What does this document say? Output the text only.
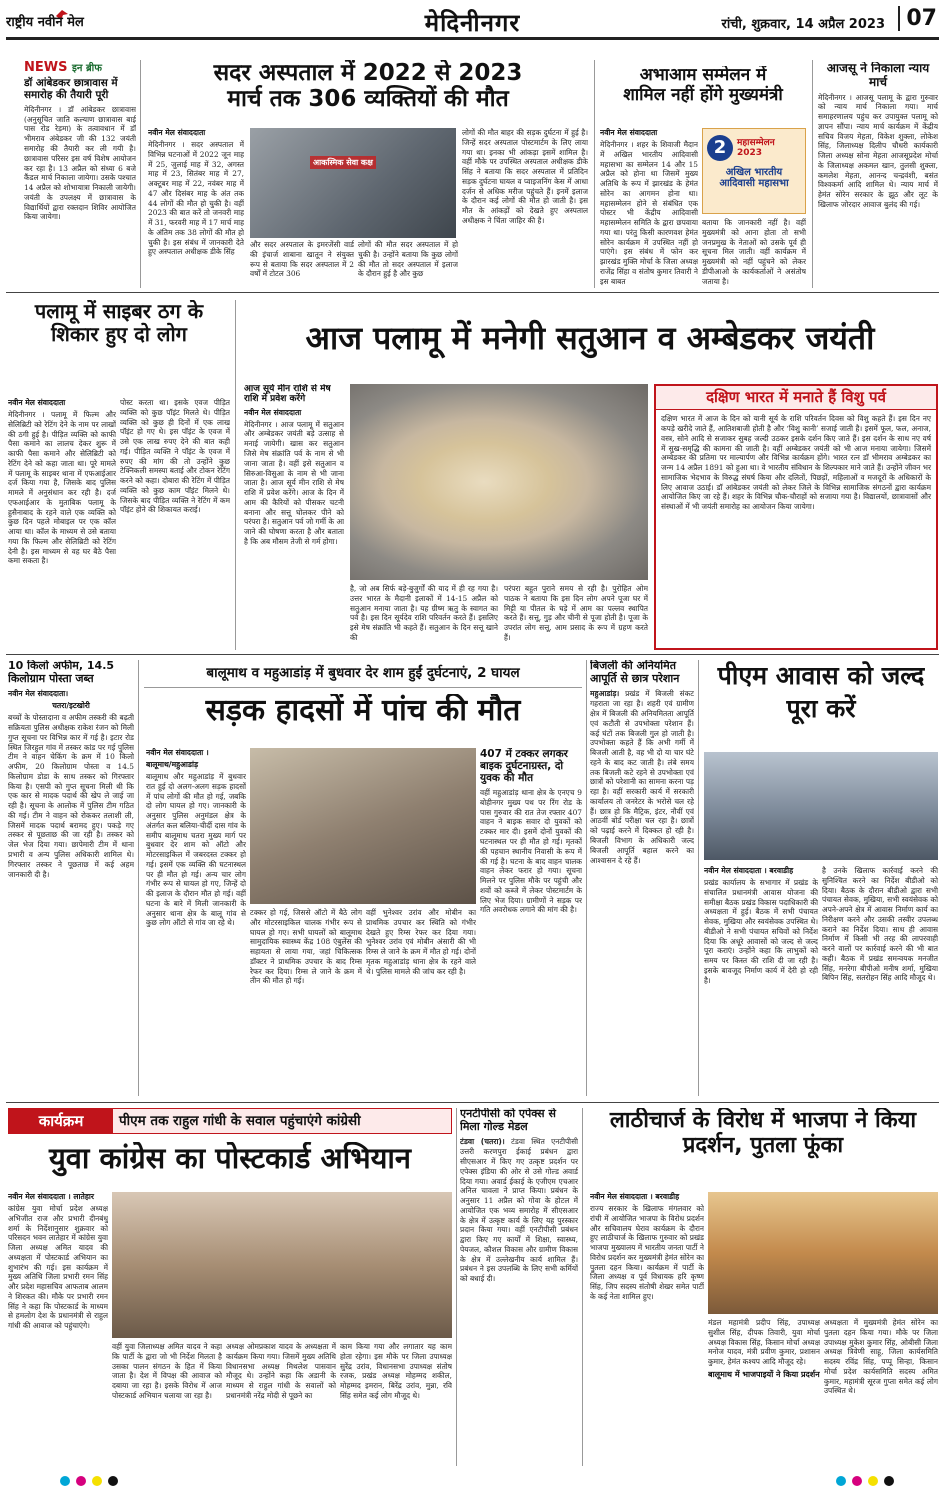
राष्ट्रीय नवीन मेल	मेदिनीनगर	रांची, शुक्रवार, 14 अप्रैल 2023 07
NEWS इन ब्रीफ
डॉ आंबेडकर छात्रावास में समारोह की तैयारी पूरी
मेदिनीनगर । डॉ आंबेडकर छात्रावास (अनुसूचित जाति कल्याण छात्रावास बाई पास रोड रेड़मा) के तत्वावधान में डॉ भीमराव अंबेडकर जी की 132 जयंती समारोह की तैयारी कर ली गयी है। छात्रावास परिसर इस वर्ष विशेष आयोजन कर रहा है। 13 अप्रैल को संध्या 6 बजे कैंडल मार्च निकाला जायेगा। उसके पश्चात 14 अप्रैल को शोभायात्रा निकाली जायेगी। जयंती के उपलक्ष्य में छात्रावास के विद्यार्थियों द्वारा रक्तदान शिविर आयोजित किया जायेगा।
सदर अस्पताल में 2022 से 2023
मार्च तक 306 व्यक्तियों की मौत
नवीन मेल संवाददाता
मेदिनीनगर । सदर अस्पताल में विभिन्न घटनाओं में 2022 जून माह में 25, जुलाई माह में 32, अगस्त माह में 23, सितंबर माह में 27, अक्टूबर माह में 22, नवंबर माह में 47 और दिसंबर माह के अंत तक 44 लोगों की मौत हो चुकी है। वहीं 2023 की बात करें तो जनवरी माह में 31, फरवरी माह में 17 मार्च माह के अंतिम तक 38 लोगों की मौत हो चुकी है। इस संबंध में जानकारी देते हुए अस्पताल अधीक्षक डीके सिंह
आकस्मिक सेवा कक्ष
और सदर अस्पताल के इमरजेंसी वार्ड की इंचार्ज शाबाना खातून ने संयुक्त रूप से बताया कि सदर अस्पताल में 2 वर्षों में टोटल 306
लोगों की मौत सदर अस्पताल में हो चुकी है। उन्होंने बताया कि कुछ लोगों की मौत तो सदर अस्पताल में इलाज के दौरान हुई है और कुछ
लोगों की मौत बाहर की सड़क दुर्घटना में हुई है। जिन्हें सदर अस्पताल पोस्टमार्टम के लिए लाया गया था। इनका भी आंकड़ा इसमें शामिल है। वहीं मौके पर उपस्थित अस्पताल अधीक्षक डीके सिंह ने बताया कि सदर अस्पताल में प्रतिदिन सड़क दुर्घटना घायल व प्वाइजनिंग केस में आधा दर्जन से अधिक मरीज पहुंचते हैं। इनमें इलाज के दौरान कई लोगों की मौत हो जाती है। इस मौत के आंकड़ों को देखते हुए अस्पताल अधीक्षक ने चिंता जाहिर की है।
अभाआम सम्मेलन में
शामिल नहीं होंगे मुख्यमंत्री
नवीन मेल संवाददाता
मेदिनीनगर । शहर के शिवाजी मैदान में अखिल भारतीय आदिवासी महासभा का सम्मेलन 14 और 15 अप्रैल को होना था जिसमें मुख्य अतिथि के रूप में झारखंड के हेमंत सोरेन का आगमन होना था। महासम्मेलन होने से संबंधित एक पोस्टर भी केंद्रीय आदिवासी महासम्मेलन समिति के द्वारा छपवाया गया था। परंतु किसी कारणवश हेमंत सोरेन कार्यक्रम में उपस्थित नहीं हो पाएंगे। इस संबंध में फोन कर झारखंड मुक्ति मोर्चा के जिला अध्यक्ष राजेंद्र सिंहा व संतोष कुमार तिवारी ने इस बाबत
2	महासम्मेलन 2023
अखिल भारतीय आदिवासी महासभा
बताया कि जानकारी नहीं है। वहीं मुख्यमंत्री को आना होता तो सभी जनप्रमुख के नेताओं को उसके पूर्व ही सूचना मिल जाती। वहीं कार्यक्रम में मुख्यमंत्री को नहीं पहुंचने को लेकर डीपीआओ के कार्यकर्ताओं ने असंतोष जताया है।
आजसू ने निकाला न्याय मार्च
मेदिनीनगर । आजसू पलामू के द्वारा गुरुवार को न्याय मार्च निकाला गया। मार्च समाहरणालय पहुंच कर उपायुक्त पलामू को ज्ञापन सौंपा। न्याय मार्च कार्यक्रम में केंद्रीय सचिव विजय मेहता, विकेश शुक्ला, लोकेश सिंह, जिलाध्यक्ष दिलीप चौधरी कार्यकारी जिला अध्यक्ष सोना मेहता आजसूप्रदेश मोर्चा के जिलाध्यक्ष अकमल खान, तुलसी शुक्ला, कमलेश मेहता, आनन्द चन्द्रवंशी, बसंत विश्वकर्मा आदि शामिल थे। न्याय मार्च में हेमंत सोरेन सरकार के झूठ और लूट के खिलाफ जोरदार आवाज बुलंद की गई।
पलामू में साइबर ठग के शिकार हुए दो लोग
नवीन मेल संवाददाता
मेदिनीनगर । पलामू में फिल्म और सेलिब्रिटी को रेटिंग देने के नाम पर लाखों की ठगी हुई है। पीड़ित व्यक्ति को काफी पैसा कमाने का लालच देकर शुरू में काफी पैसा कमाने और सेलिब्रिटी को रेटिंग देने को कहा जाता था। पूरे मामले में पलामू के साइबर थाना में एफआईआर दर्ज किया गया है, जिसके बाद पुलिस मामले में अनुसंधान कर रही है। दर्ज एफआईआर के मुताबिक पलामू के हुसैनाबाद के रहने वाले एक व्यक्ति को कुछ दिन पहले मोबाइल पर एक कॉल आया था। कॉल के माध्यम से उसे बताया गया कि फिल्म और सेलिब्रिटी को रेटिंग देनी है। इस माध्यम से वह घर बैठे पैसा कमा सकता है।
पोस्ट करता था। इसके एवज पीड़ित व्यक्ति को कुछ पॉइंट मिलते थे। पीड़ित व्यक्ति को कुछ ही दिनों में एक लाख पॉइंट हो गए थे। इस पॉइंट के एवज में उसे एक लाख रुपए देने की बात कही गई। पीड़ित व्यक्ति ने पॉइंट के एवज में रुपए की मांग की तो उन्होंने कुछ टेक्निकली समस्या बताई और टोकन रेटिंग करने को कहा। दोबारा की रेटिंग में पीड़ित व्यक्ति को कुछ काम पॉइंट मिलने थे। जिसके बाद पीड़ित व्यक्ति ने रेटिंग में कम पॉइंट होने की शिकायत कराई।
आज पलामू में मनेगी सतुआन व अम्बेडकर जयंती
आज सूर्य मीन राशि से मेष राशि में प्रवेश करेंगे
नवीन मेल संवाददाता
मेदिनीनगर । आज पलामू में सतुआन और अम्बेडकर जयंती बड़े उत्साह से मनाई जायेगी। खास कर सतुआन जिसे मेष संक्रांति पर्व के नाम से भी जाना जाता है। वहीं इसे सतुआन व सिरुआ-विसुआ के नाम से भी जाना जाता है। आज सूर्य मीन राशि से मेष राशि में प्रवेश करेंगे। आज के दिन में आम की कैरियों को पीसकर चटनी बनाना और सत्तू घोलकर पीने को परंपरा है। सतुआन पर्व जो गर्मी के आ जाने की घोषणा करता है और बताता है कि अब मौसम तेजी से गर्म होगा।
है, जो अब सिर्फ बड़े-बुजुर्गों की याद में ही रह गया है। उत्तर भारत के मैदानी इलाकों में 14-15 अप्रैल को सतुआन मनाया जाता है। यह ग्रीष्म ऋतु के स्वागत का पर्व है। इस दिन सूर्यदेव राशि परिवर्तन करते हैं। इसलिए इसे मेष संक्रांति भी कहते हैं। सतुआन के दिन सत्तू खाने की
परंपरा बहुत पुराने समय से रही है। पुरोहित ओम पाठक ने बताया कि इस दिन लोग अपने पूजा घर में मिट्टी या पीतल के घड़े में आम का पल्लव स्थापित करते हैं। सत्तू, गुड़ और चीनी से पूजा होती है। पूजा के उपरांत लोग सत्तू, आम प्रसाद के रूप में ग्रहण करते हैं।
दक्षिण भारत में मनाते हैं विशु पर्व
दक्षिण भारत में आज के दिन को यानी सूर्य के राशि परिवर्तन दिवस को विशु कहते हैं। इस दिन नए कपड़े खरीदे जाते हैं, आतिशबाजी होती है और ‘विशु कानी’ सजाई जाती है। इसमें फूल, फल, अनाज, वस्त्र, सोने आदि से सजाकर सुबह जल्दी उठकर इसके दर्शन किए जाते हैं। इस दर्शन के साथ नए वर्ष में सुख-समृद्धि की कामना की जाती है। वहीं अम्बेडकर जयंती को भी आज मनाया जायेगा। जिसमें अम्बेडकर की प्रतिमा पर माल्यार्पण और विभिन्न कार्यक्रम होंगे। भारत रत्न डॉ भीमराव अम्बेडकर का जन्म 14 अप्रैल 1891 को हुआ था। वे भारतीय संविधान के शिल्पकार माने जाते हैं। उन्होंने जीवन भर सामाजिक भेदभाव के विरुद्ध संघर्ष किया और दलितों, पिछड़ों, महिलाओं व मजदूरों के अधिकारों के लिए आवाज उठाई। डॉ आंबेडकर जयंती को लेकर जिले के विभिन्न सामाजिक संगठनों द्वारा कार्यक्रम आयोजित किए जा रहे हैं। शहर के विभिन्न चौक-चौराहों को सजाया गया है। विद्यालयों, छात्रावासों और संस्थाओं में भी जयंती समारोह का आयोजन किया जायेगा।
10 किलो अफीम, 14.5 किलोग्राम पोस्ता जब्त
नवीन मेल संवाददाता।
चतरा/इटखोरी
बच्चों के पोस्तादाना व अफीम तस्करी की बढ़ती सक्रियता पुलिस अधीक्षक राकेश रंजन को मिली गुप्त सूचना पर विभिन्न कार में गई है। इटार रोड स्थित जिरहुल गांव में तस्कर कांड पर गई पुलिस टीम ने वाहन चेकिंग के क्रम में 10 किलो अफीम, 20 किलोग्राम पोस्ता व 14.5 किलोग्राम डोडा के साथ तस्कर को गिरफ्तार किया है। एसपी को गुप्त सूचना मिली थी कि एक कार से मादक पदार्थ की खेप ले जाई जा रही है। सूचना के आलोक में पुलिस टीम गठित की गई। टीम ने वाहन को रोककर तलाशी ली, जिसमें मादक पदार्थ बरामद हुए। पकड़े गए तस्कर से पूछताछ की जा रही है। तस्कर को जेल भेज दिया गया। छापेमारी टीम में थाना प्रभारी व अन्य पुलिस अधिकारी शामिल थे। गिरफ्तार तस्कर ने पूछताछ में कई अहम जानकारी दी है।
बालूमाथ व महुआडांड़ में बुधवार देर शाम हुईं दुर्घटनाएं, 2 घायल
सड़क हादसों में पांच की मौत
नवीन मेल संवाददाता ।
बालूमाथ/महुआडांड़
बालूमाथ और महुआडांड़ में बुधवार रात हुई दो अलग-अलग सड़क हादसों में पांच लोगों की मौत हो गई, जबकि दो लोग घायल हो गए। जानकारी के अनुसार पुलिस अनुमंडल क्षेत्र के अंतर्गत कल बलिया-चीर्दी दास गांव के समीप बालूमाथ चतरा मुख्य मार्ग पर बुधवार देर शाम को ऑटो और मोटरसाइकिल में जबरदस्त टक्कर हो गई। इसमें एक व्यक्ति की घटनास्थल पर ही मौत हो गई। अन्य चार लोग गंभीर रूप से घायल हो गए, जिन्हें दो की इलाज के दौरान मौत हो गई। वहीं घटना के बारे में मिली जानकारी के अनुसार थाना क्षेत्र के बालू गांव से कुछ लोग ऑटो से गांव जा रहे थे।
टक्कर हो गई, जिससे ऑटो में बैठे लोग और मोटरसाइकिल चालक गंभीर रूप से घायल हो गए। सभी घायलों को बालूमाथ सामुदायिक स्वास्थ्य केंद्र 108 एंबुलेंस की सहायता से लाया गया, जहां चिकित्सक डॉक्टर ने प्राथमिक उपचार के बाद रिम्स रेफर कर दिया। रिम्स ले जाने के क्रम में तीन की मौत हो गई।
वहीं भुनेश्वर उरांव और मोबीन का प्राथमिक उपचार कर स्थिति को गंभीर देखते हुए रिम्स रेफर कर दिया गया। भुनेश्वर उरांव एवं मोबीन अंसारी की भी रिम्स ले जाने के क्रम में मौत हो गई। दोनों मृतक महुआडांड़ थाना क्षेत्र के रहने वाले थे। पुलिस मामले की जांच कर रही है।
407 में टक्कर लगकर बाइक दुर्घटनाग्रस्त, दो युवक की मौत
वहीं महुआडांड़ थाना क्षेत्र के एनएच 9 बोहीनगर मुख्य पथ पर रिंग रोड के पास गुरुवार की रात तेज रफ्तार 407 वाहन ने बाइक सवार दो युवकों को टक्कर मार दी। इसमें दोनों युवकों की घटनास्थल पर ही मौत हो गई। मृतकों की पहचान स्थानीय निवासी के रूप में की गई है। घटना के बाद वाहन चालक वाहन लेकर फरार हो गया। सूचना मिलने पर पुलिस मौके पर पहुंची और शवों को कब्जे में लेकर पोस्टमार्टम के लिए भेज दिया। ग्रामीणों ने सड़क पर गति अवरोधक लगाने की मांग की है।
बिजली की अनियमित आपूर्ति से छात्र परेशान
महुआडांड़। प्रखंड में बिजली संकट गहराता जा रहा है। शहरी एवं ग्रामीण क्षेत्र में बिजली की अनियमितता आपूर्ति एवं कटौती से उपभोक्ता परेशान हैं। कई घंटों तक बिजली गुल हो जाती है। उपभोक्ता कहते हैं कि अभी गर्मी में बिजली आती है, वह भी दो या चार घंटे रहने के बाद कट जाती है। लंबे समय तक बिजली कटे रहने से उपभोक्ता एवं छात्रों को परेशानी का सामना करना पड़ रहा है। वहीं सरकारी कार्य में सरकारी कार्यालय तो जनरेटर के भरोसे चल रहे हैं। छात्र हो कि मैट्रिक, इंटर, नौवीं एवं आठवीं बोर्ड परीक्षा चल रहा है। छात्रों को पढ़ाई करने में दिक्कत हो रही है। बिजली विभाग के अधिकारी जल्द बिजली आपूर्ति बहाल करने का आश्वासन दे रहे हैं।
पीएम आवास को जल्द पूरा करें
नवीन मेल संवाददाता । बरवाडीह
प्रखंड कार्यालय के सभागार में प्रखंड के संचालित प्रधानमंत्री आवास योजना की समीक्षा बैठक प्रखंड विकास पदाधिकारी की अध्यक्षता में हुई। बैठक में सभी पंचायत सेवक, मुखिया और स्वयंसेवक उपस्थित थे। बीडीओ ने सभी पंचायत सचिवों को निर्देश दिया कि अधूरे आवासों को जल्द से जल्द पूरा कराएं। उन्होंने कहा कि लाभुकों को समय पर किस्त की राशि दी जा रही है। इसके बावजूद निर्माण कार्य में देरी हो रही है।
है उनके खिलाफ कार्रवाई करने की सुनिश्चित करने का निर्देश बीडीओ को दिया। बैठक के दौरान बीडीओ द्वारा सभी पंचायत सेवक, मुखिया, सभी स्वयंसेवक को अपने-अपने क्षेत्र में आवास निर्माण कार्य का निरीक्षण करने और उसकी तस्वीर उपलब्ध कराने का निर्देश दिया। साथ ही आवास निर्माण में किसी भी तरह की लापरवाही करने वालों पर कार्रवाई करने की भी बात कही। बैठक में प्रखंड समन्वयक मनजीत सिंह, मनरेगा बीपीओ मनीष शर्मा, मुखिया बिपिन सिंह, सतरोहन सिंह आदि मौजूद थे।
कार्यक्रम	पीएम तक राहुल गांधी के सवाल पहुंचाएंगे कांग्रेसी
युवा कांग्रेस का पोस्टकार्ड अभियान
नवीन मेल संवाददाता । लातेहार
कांग्रेस युवा मोर्चा प्रदेश अध्यक्ष अभिजीत राज और प्रभारी दीनबंधु शर्मा के निर्देशानुसार शुक्रवार को परिसदन भवन लातेहार में कांग्रेस युवा जिला अध्यक्ष अमित यादव की अध्यक्षता में पोस्टकार्ड अभियान का शुभारंभ की गई। इस कार्यक्रम में मुख्य अतिथि जिला प्रभारी रमन सिंह और प्रदेश महासचिव आफताब आलम ने शिरकत की। मौके पर प्रभारी रमन सिंह ने कहा कि पोस्टकार्ड के माध्यम से हमलोग देश के प्रधानमंत्री से राहुल गांधी की आवाज को पहुंचाएंगे।
वहीं युवा जिलाध्यक्ष अमित यादव ने कहा कि पार्टी के द्वारा जो भी निर्देश मिलता है उसका पालन संगठन के हित में किया जाता है। देश में विपक्ष की आवाज को दबाया जा रहा है। इसके विरोध में आज पोस्टकार्ड अभियान चलाया जा रहा है।
अध्यक्ष ओमप्रकाश यादव के अध्यक्षता में कार्यक्रम किया गया। जिसमें मुख्य अतिथि विधानसभा अध्यक्ष मिथलेश पासवान मौजूद थे। उन्होंने कहा कि अडानी के माध्यम से राहुल गांधी के सवालों को प्रधानमंत्री नरेंद्र मोदी से पूछने का
काम किया गया और लगातार यह काम होता रहेगा। इस मौके पर जिला उपाध्यक्ष सुरेंद्र उरांव, विधानसभा उपाध्यक्ष संतोष रजक, प्रखंड अध्यक्ष मोहम्मद शकील, मोहम्मद इमरान, बिरेंद्र उरांव, मुन्ना, रवि सिंह समेत कई लोग मौजूद थे।
एनटीपीसी को एपेक्स से मिला गोल्ड मेडल
टंडवा (चतरा)। टंडवा स्थित एनटीपीसी उत्तरी करणपुरा ईकाई प्रबंधन द्वारा सीएसआर में किए गए उत्कृष्ट प्रदर्शन पर एपेक्स इंडिया की ओर से उसे गोल्ड अवार्ड दिया गया। अवार्ड ईकाई के एजीएम एचआर अनिल चावला ने प्राप्त किया। प्रबंधन के अनुसार 11 अप्रैल को गोवा के होटल में आयोजित एक भव्य समारोह में सीएसआर के क्षेत्र में उत्कृष्ट कार्य के लिए यह पुरस्कार प्रदान किया गया। वहीं एनटीपीसी प्रबंधन द्वारा किए गए कार्यों में शिक्षा, स्वास्थ्य, पेयजल, कौशल विकास और ग्रामीण विकास के क्षेत्र में उल्लेखनीय कार्य शामिल हैं। प्रबंधन ने इस उपलब्धि के लिए सभी कर्मियों को बधाई दी।
लाठीचार्ज के विरोध में भाजपा ने किया प्रदर्शन, पुतला फूंका
नवीन मेल संवाददाता । बरवाडीह
राज्य सरकार के खिलाफ मंगलवार को रांची में आयोजित भाजपा के विरोध प्रदर्शन और सचिवालय घेराव कार्यक्रम के दौरान हुए लाठीचार्ज के खिलाफ गुरुवार को प्रखंड भाजपा मुख्यालय में भारतीय जनता पार्टी ने विरोध प्रदर्शन कर मुख्यमंत्री हेमंत सोरेन का पुतला दहन किया। कार्यक्रम में पार्टी के जिला अध्यक्ष व पूर्व विधायक हरि कृष्ण सिंह, जिप सदस्य संतोषी शेखर समेत पार्टी के कई नेता शामिल हुए।
मंडल महामंत्री प्रदीप सिंह, उपाध्यक्ष सुशील सिंह, दीपक तिवारी, युवा मोर्चा अध्यक्ष विकास सिंह, किसान मोर्चा अध्यक्ष मनोज यादव, मंत्री प्रवीण कुमार, प्रशासन कुमार, हेमंत कश्यप आदि मौजूद रहे।
बालूमाथ में भाजपाइयों ने किया प्रदर्शन
अध्यक्षता में मुख्यमंत्री हेमंत सोरेन का पुतला दहन किया गया। मौके पर जिला उपाध्यक्ष मुकेश कुमार सिंह, ओबीसी जिला अध्यक्ष त्रिवेणी साहू, जिला कार्यसमिति सदस्य रविंद्र सिंह, पप्पू सिन्हा, किसान मोर्चा प्रदेश कार्यसमिति सदस्य अमित कुमार, महामंत्री सूरज गुप्ता समेत कई लोग उपस्थित थे।
